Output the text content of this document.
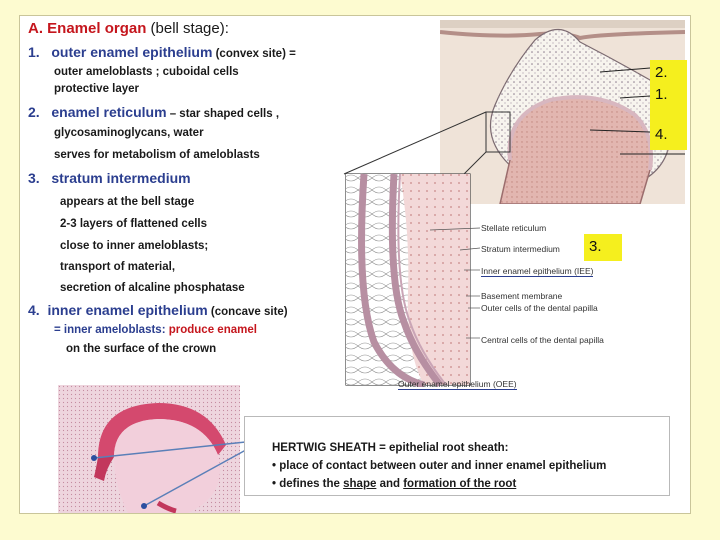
A. Enamel organ (bell stage):
1. outer enamel epithelium (convex site) =
outer ameloblasts ; cuboidal cells
protective layer
2. enamel reticulum – star shaped cells ,
glycosaminoglycans, water
serves for metabolism of ameloblasts
3. stratum intermedium
appears at the bell stage
2-3 layers of flattened cells
close to inner ameloblasts;
transport of material,
secretion of alcaline phosphatase
4. inner enamel epithelium (concave site)
= inner ameloblasts: produce enamel
on the surface of the crown
2.
1.
4.
Stellate reticulum
Stratum intermedium 3.
Inner enamel epithelium (IEE)
Basement membrane
Outer cells of the dental papilla
Central cells of the dental papilla
Outer enamel epithelium (OEE)
HERTWIG SHEATH = epithelial root sheath:
• place of contact between outer and inner enamel epithelium
• defines the shape and formation of the root
